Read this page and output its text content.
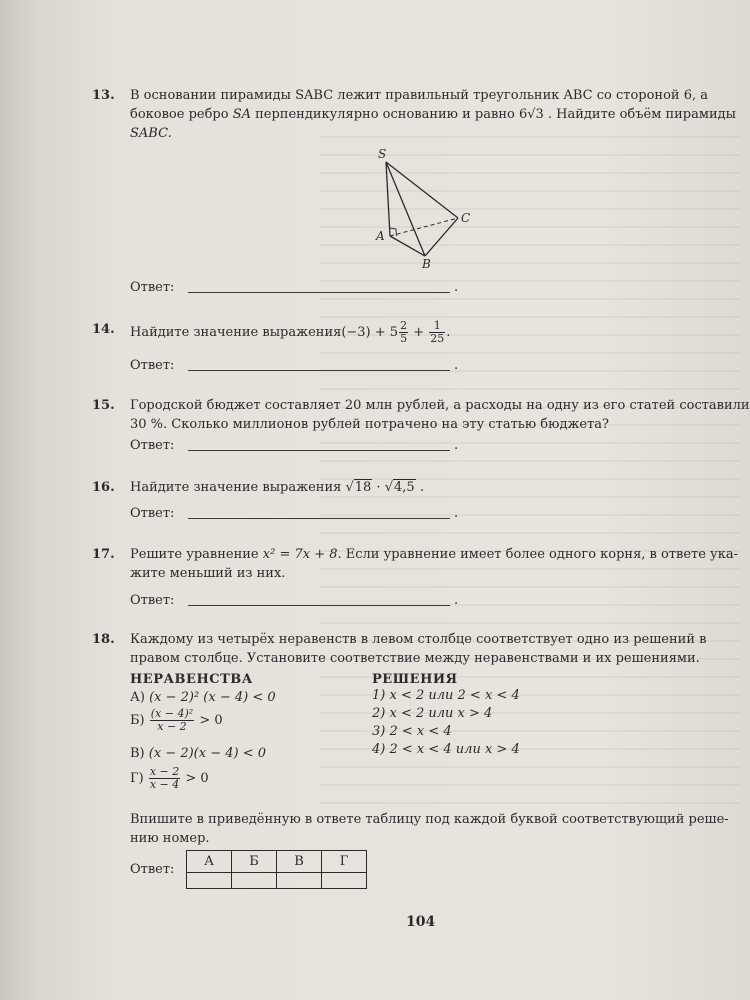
13. В основании пирамиды SABC лежит правильный треугольник ABC со стороной 6, а
боковое ребро SA перпендикулярно основанию и равно 6√3 . Найдите объём пирамиды
SABC.
S
A
B
C
Ответ:	.
14. Найдите значение выражения(−3) + $5 \frac{2}{5} + \frac{1}{25}$ .
Ответ:	.
15. Городской бюджет составляет 20 млн рублей, а расходы на одну из его статей составили
30 %. Сколько миллионов рублей потрачено на эту статью бюджета?
Ответ:	.
16. Найдите значение выражения √18 · √4,5 .
Ответ:	.
17. Решите уравнение x² = 7x + 8. Если уравнение имеет более одного корня, в ответе ука-
жите меньший из них.
Ответ:	.
18. Каждому из четырёх неравенств в левом столбце соответствует одно из решений в
правом столбце. Установите соответствие между неравенствами и их решениями.
НЕРАВЕНСТВА
А) (x − 2)² (x − 4) < 0
$Б) \frac{\text{(x − 4)²}}{x - 2} > 0$
В) (x − 2)(x − 4) < 0
$Г) \frac{x - 2}{x - 4} > 0$
РЕШЕНИЯ
1) x < 2 или 2 < x < 4
2) x < 2 или x > 4
3) 2 < x < 4
4) 2 < x < 4 или x > 4
Впишите в приведённую в ответе таблицу под каждой буквой соответствующий реше-
нию номер.
Ответ:
А	Б	В	Г

104
